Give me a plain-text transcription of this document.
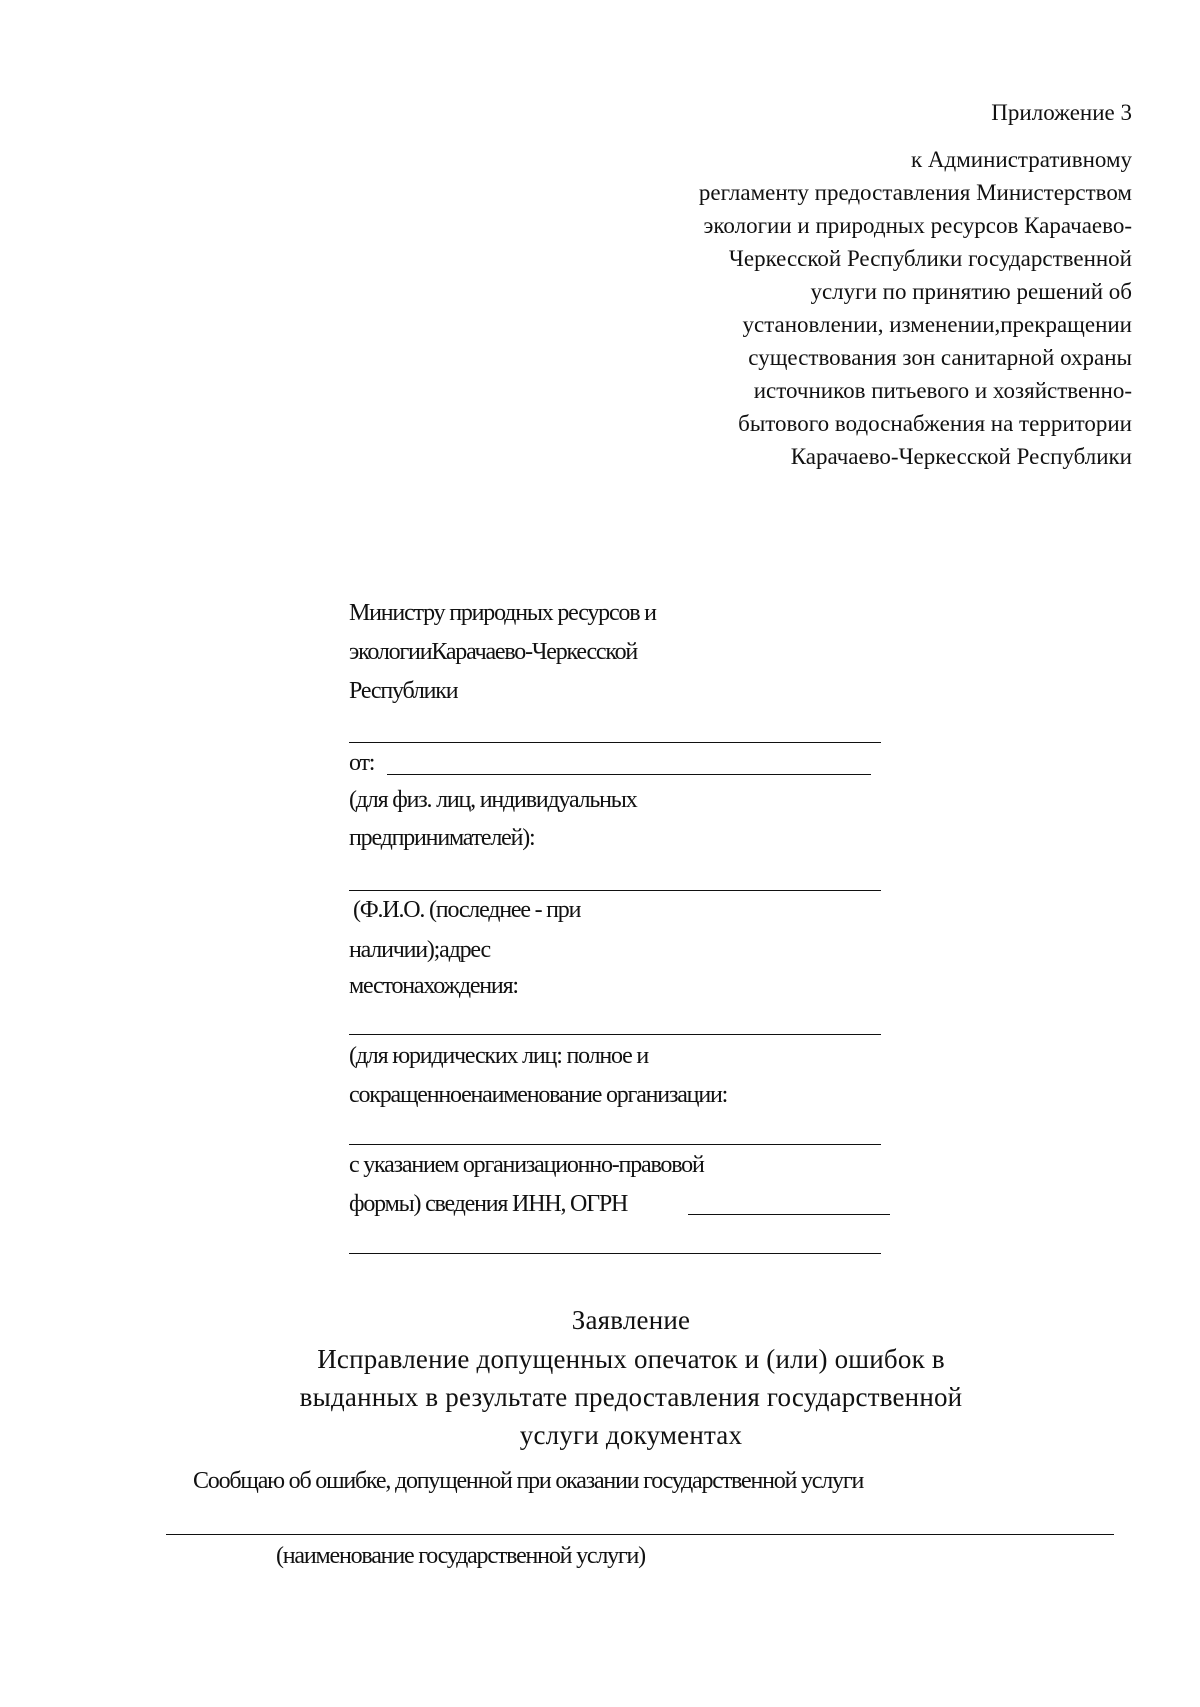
Приложение 3
к Административному
регламенту предоставления Министерством
экологии и природных ресурсов Карачаево-
Черкесской Республики государственной
услуги по принятию решений об
установлении, изменении,прекращении
существования зон санитарной охраны
источников питьевого и хозяйственно-
бытового водоснабжения на территории
Карачаево-Черкесской Республики
Министру природных ресурсов и
экологииКарачаево-Черкесской
Республики
от:
(для физ. лиц, индивидуальных
предпринимателей):
(Ф.И.О. (последнее - при
наличии);адрес
местонахождения:
(для юридических лиц: полное и
сокращенноенаименование организации:
с указанием организационно-правовой
формы) сведения ИНН, ОГРН
Заявление
Исправление допущенных опечаток и (или) ошибок в
выданных в результате предоставления государственной
услуги документах
Сообщаю об ошибке, допущенной при оказании государственной услуги
(наименование государственной услуги)
